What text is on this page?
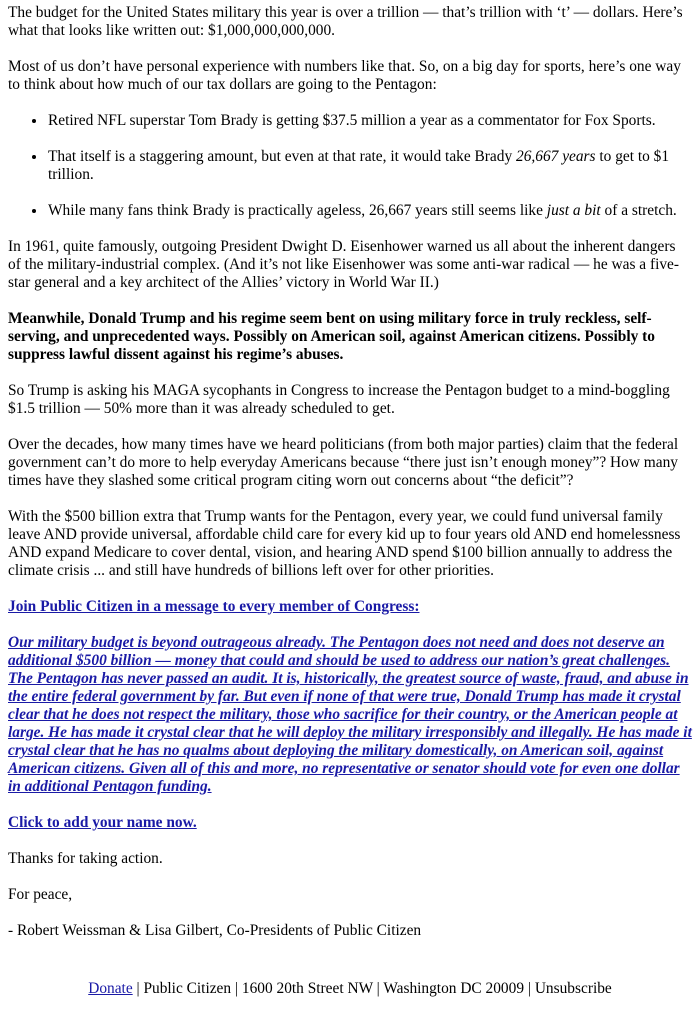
The budget for the United States military this year is over a trillion — that’s trillion with ‘t’ — dollars. Here’s what that looks like written out: $1,000,000,000,000.

Most of us don’t have personal experience with numbers like that. So, on a big day for sports, here’s one way to think about how much of our tax dollars are going to the Pentagon:

• Retired NFL superstar Tom Brady is getting $37.5 million a year as a commentator for Fox Sports.
• That itself is a staggering amount, but even at that rate, it would take Brady 26,667 years to get to $1 trillion.
• While many fans think Brady is practically ageless, 26,667 years still seems like just a bit of a stretch.

In 1961, quite famously, outgoing President Dwight D. Eisenhower warned us all about the inherent dangers of the military-industrial complex. (And it’s not like Eisenhower was some anti-war radical — he was a five-star general and a key architect of the Allies’ victory in World War II.)

Meanwhile, Donald Trump and his regime seem bent on using military force in truly reckless, self-serving, and unprecedented ways. Possibly on American soil, against American citizens. Possibly to suppress lawful dissent against his regime’s abuses.

So Trump is asking his MAGA sycophants in Congress to increase the Pentagon budget to a mind-boggling $1.5 trillion — 50% more than it was already scheduled to get.

Over the decades, how many times have we heard politicians (from both major parties) claim that the federal government can’t do more to help everyday Americans because “there just isn’t enough money”? How many times have they slashed some critical program citing worn out concerns about “the deficit”?

With the $500 billion extra that Trump wants for the Pentagon, every year, we could fund universal family leave AND provide universal, affordable child care for every kid up to four years old AND end homelessness AND expand Medicare to cover dental, vision, and hearing AND spend $100 billion annually to address the climate crisis ... and still have hundreds of billions left over for other priorities.

Join Public Citizen in a message to every member of Congress:

Our military budget is beyond outrageous already. The Pentagon does not need and does not deserve an additional $500 billion — money that could and should be used to address our nation’s great challenges. The Pentagon has never passed an audit. It is, historically, the greatest source of waste, fraud, and abuse in the entire federal government by far. But even if none of that were true, Donald Trump has made it crystal clear that he does not respect the military, those who sacrifice for their country, or the American people at large. He has made it crystal clear that he will deploy the military irresponsibly and illegally. He has made it crystal clear that he has no qualms about deploying the military domestically, on American soil, against American citizens. Given all of this and more, no representative or senator should vote for even one dollar in additional Pentagon funding.

Click to add your name now.

Thanks for taking action.

For peace,

- Robert Weissman & Lisa Gilbert, Co-Presidents of Public Citizen

Donate | Public Citizen | 1600 20th Street NW | Washington DC 20009 | Unsubscribe
